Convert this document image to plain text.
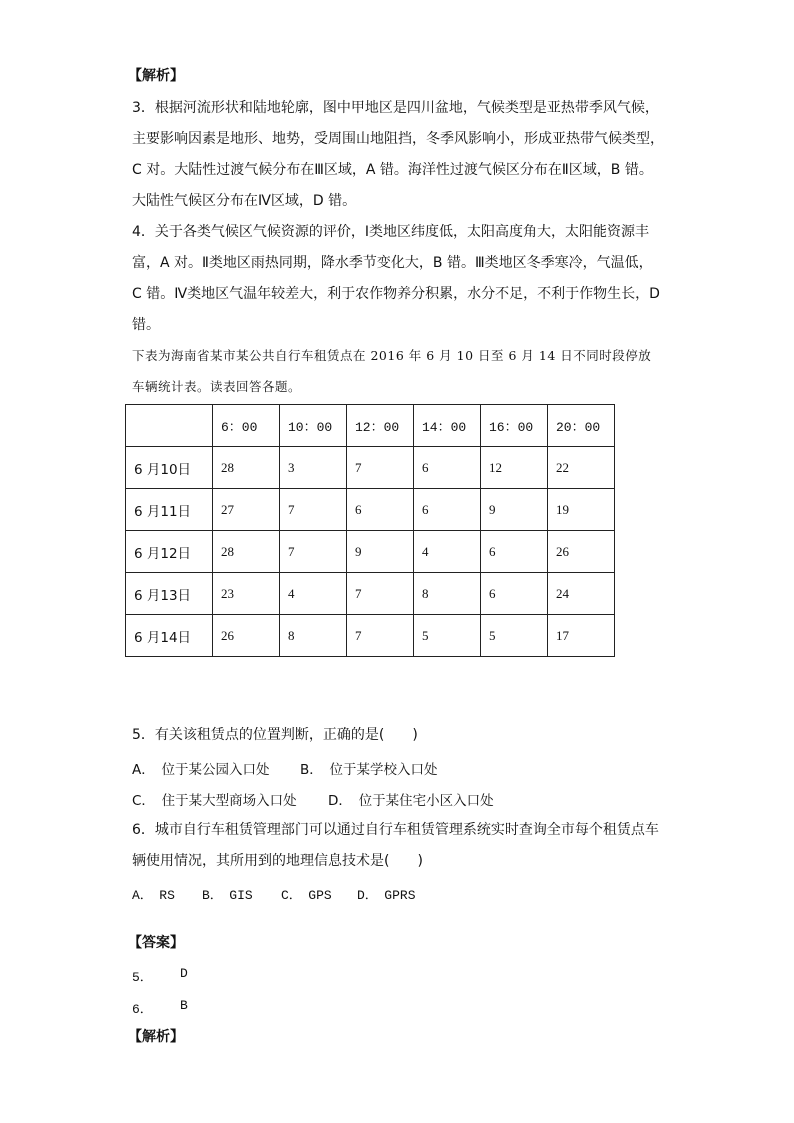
【解析】
3．根据河流形状和陆地轮廓，图中甲地区是四川盆地，气候类型是亚热带季风气候，
主要影响因素是地形、地势，受周围山地阻挡，冬季风影响小，形成亚热带气候类型，
C 对。大陆性过渡气候分布在Ⅲ区域，A 错。海洋性过渡气候区分布在Ⅱ区域，B 错。
大陆性气候区分布在Ⅳ区域，D 错。
4．关于各类气候区气候资源的评价，Ⅰ类地区纬度低，太阳高度角大，太阳能资源丰
富，A 对。Ⅱ类地区雨热同期，降水季节变化大，B 错。Ⅲ类地区冬季寒冷，气温低，
C 错。Ⅳ类地区气温年较差大，利于农作物养分积累，水分不足，不利于作物生长，D
错。
下表为海南省某市某公共自行车租赁点在 2016 年 6 月 10 日至 6 月 14 日不同时段停放
车辆统计表。读表回答各题。
	6：00	10：00	12：00	14：00	16：00	20：00
6 月10日	28	3	7	6	12	22
6 月11日	27	7	6	6	9	19
6 月12日	28	7	9	4	6	26
6 月13日	23	4	7	8	6	24
6 月14日	26	8	7	5	5	17
5．有关该租赁点的位置判断，正确的是(　　)
A．　位于某公园入口处 B．　位于某学校入口处
C．　住于某大型商场入口处 D．　位于某住宅小区入口处
6．城市自行车租赁管理部门可以通过自行车租赁管理系统实时查询全市每个租赁点车
辆使用情况，其所用到的地理信息技术是(　　)
A．　RS B．　GIS C．　GPS D．　GPRS
【答案】
5． D
6． B
【解析】
